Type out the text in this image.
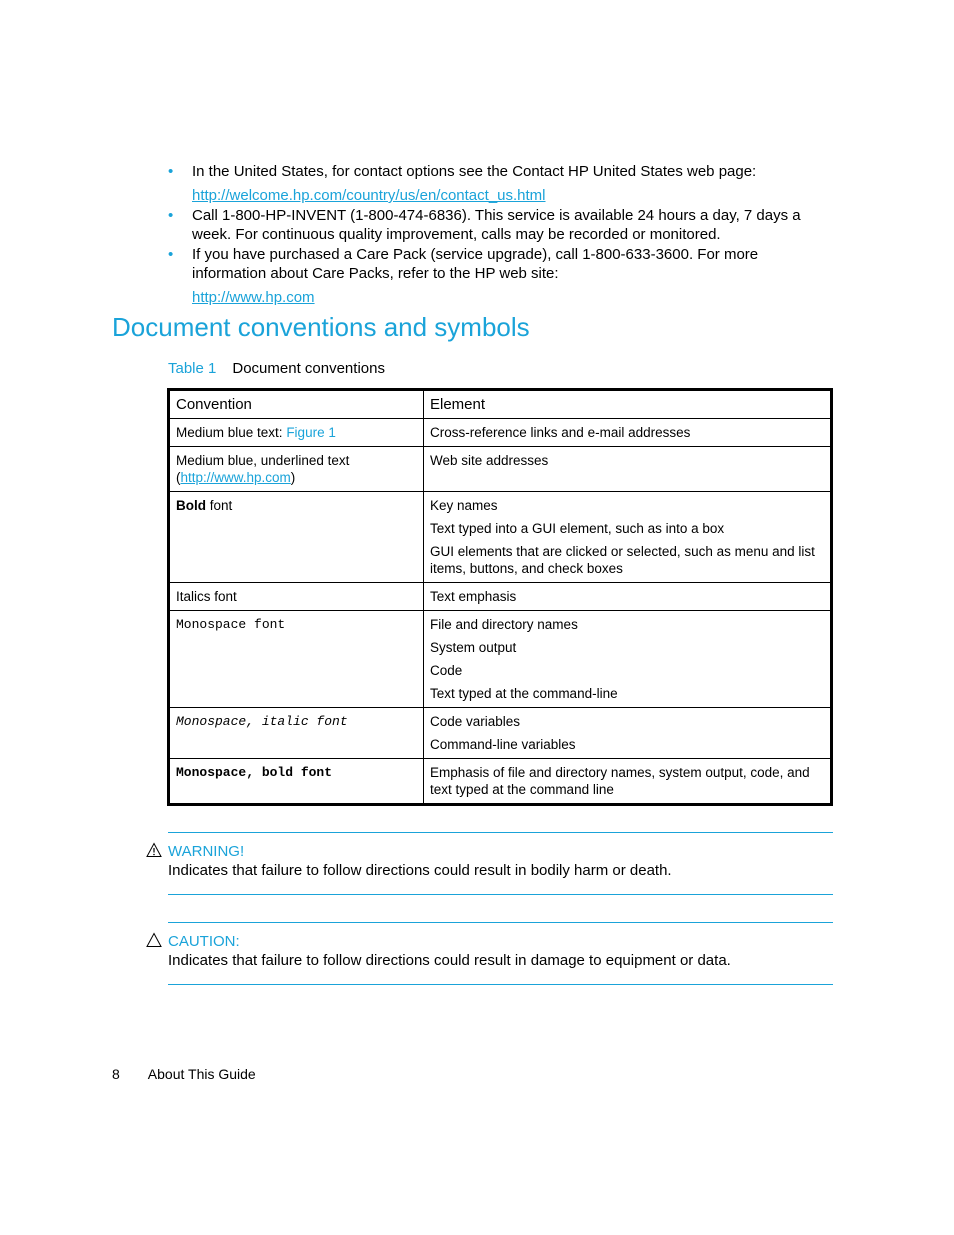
• In the United States, for contact options see the Contact HP United States web page:
http://welcome.hp.com/country/us/en/contact_us.html
• Call 1-800-HP-INVENT (1-800-474-6836). This service is available 24 hours a day, 7 days a week. For continuous quality improvement, calls may be recorded or monitored.
• If you have purchased a Care Pack (service upgrade), call 1-800-633-3600. For more information about Care Packs, refer to the HP web site:
http://www.hp.com
Document conventions and symbols
Table 1 Document conventions
Convention	Element
Medium blue text: Figure 1	Cross-reference links and e-mail addresses
Medium blue, underlined text
(http://www.hp.com)	Web site addresses
Bold font	Key names

Text typed into a GUI element, such as into a box

GUI elements that are clicked or selected, such as menu and list items, buttons, and check boxes

Italics font	Text emphasis
Monospace font	File and directory names

System output

Code

Text typed at the command-line

Monospace, italic font	Code variables

Command-line variables

Monospace, bold font	Emphasis of file and directory names, system output, code, and text typed at the command line
WARNING!
Indicates that failure to follow directions could result in bodily harm or death.
CAUTION:
Indicates that failure to follow directions could result in damage to equipment or data.
8 About This Guide
